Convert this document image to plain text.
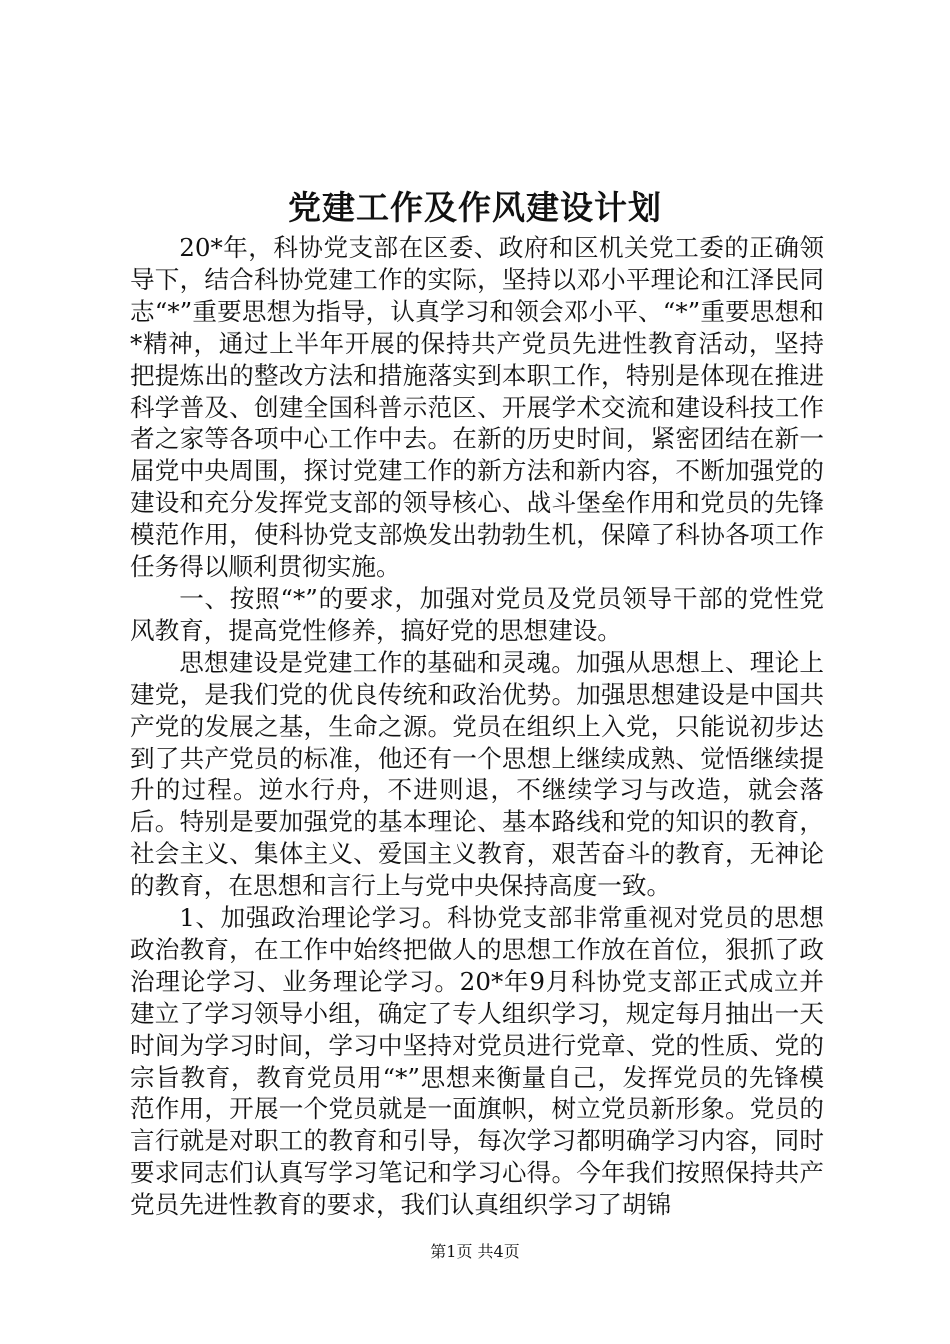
党建工作及作风建设计划

20*年，科协党支部在区委、政府和区机关党工委的正确领导下，结合科协党建工作的实际，坚持以邓小平理论和江泽民同志“*”重要思想为指导，认真学习和领会邓小平、“*”重要思想和*精神，通过上半年开展的保持共产党员先进性教育活动，坚持把提炼出的整改方法和措施落实到本职工作，特别是体现在推进科学普及、创建全国科普示范区、开展学术交流和建设科技工作者之家等各项中心工作中去。在新的历史时间，紧密团结在新一届党中央周围，探讨党建工作的新方法和新内容，不断加强党的建设和充分发挥党支部的领导核心、战斗堡垒作用和党员的先锋模范作用，使科协党支部焕发出勃勃生机，保障了科协各项工作任务得以顺利贯彻实施。

一、按照“*”的要求，加强对党员及党员领导干部的党性党风教育，提高党性修养，搞好党的思想建设。

思想建设是党建工作的基础和灵魂。加强从思想上、理论上建党，是我们党的优良传统和政治优势。加强思想建设是中国共产党的发展之基，生命之源。党员在组织上入党，只能说初步达到了共产党员的标准，他还有一个思想上继续成熟、觉悟继续提升的过程。逆水行舟，不进则退，不继续学习与改造，就会落后。特别是要加强党的基本理论、基本路线和党的知识的教育，社会主义、集体主义、爱国主义教育，艰苦奋斗的教育，无神论的教育，在思想和言行上与党中央保持高度一致。

1、加强政治理论学习。科协党支部非常重视对党员的思想政治教育，在工作中始终把做人的思想工作放在首位，狠抓了政治理论学习、业务理论学习。20*年9月科协党支部正式成立并建立了学习领导小组，确定了专人组织学习，规定每月抽出一天时间为学习时间，学习中坚持对党员进行党章、党的性质、党的宗旨教育，教育党员用“*”思想来衡量自己，发挥党员的先锋模范作用，开展一个党员就是一面旗帜，树立党员新形象。党员的言行就是对职工的教育和引导，每次学习都明确学习内容，同时要求同志们认真写学习笔记和学习心得。今年我们按照保持共产党员先进性教育的要求，我们认真组织学习了胡锦

第1页 共4页
